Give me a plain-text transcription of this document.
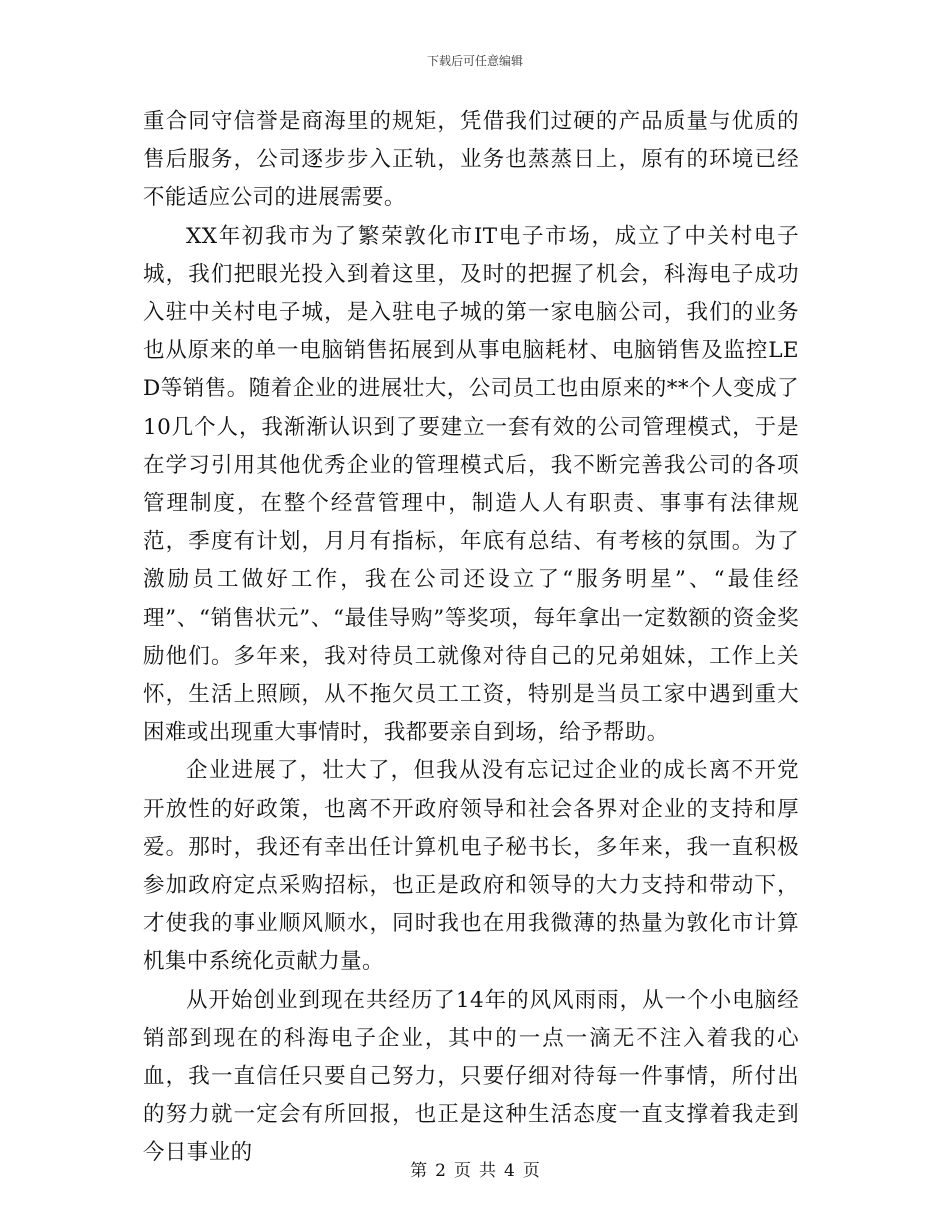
下载后可任意编辑

重合同守信誉是商海里的规矩，凭借我们过硬的产品质量与优质的售后服务，公司逐步步入正轨，业务也蒸蒸日上，原有的环境已经不能适应公司的进展需要。

XX年初我市为了繁荣敦化市IT电子市场，成立了中关村电子城，我们把眼光投入到着这里，及时的把握了机会，科海电子成功入驻中关村电子城，是入驻电子城的第一家电脑公司，我们的业务也从原来的单一电脑销售拓展到从事电脑耗材、电脑销售及监控LED等销售。随着企业的进展壮大，公司员工也由原来的**个人变成了10几个人，我渐渐认识到了要建立一套有效的公司管理模式，于是在学习引用其他优秀企业的管理模式后，我不断完善我公司的各项管理制度，在整个经营管理中，制造人人有职责、事事有法律规范，季度有计划，月月有指标，年底有总结、有考核的氛围。为了激励员工做好工作，我在公司还设立了“服务明星”、“最佳经理”、“销售状元”、“最佳导购”等奖项，每年拿出一定数额的资金奖励他们。多年来，我对待员工就像对待自己的兄弟姐妹，工作上关怀，生活上照顾，从不拖欠员工工资，特别是当员工家中遇到重大困难或出现重大事情时，我都要亲自到场，给予帮助。

企业进展了，壮大了，但我从没有忘记过企业的成长离不开党开放性的好政策，也离不开政府领导和社会各界对企业的支持和厚爱。那时，我还有幸出任计算机电子秘书长，多年来，我一直积极参加政府定点采购招标，也正是政府和领导的大力支持和带动下，才使我的事业顺风顺水，同时我也在用我微薄的热量为敦化市计算机集中系统化贡献力量。

从开始创业到现在共经历了14年的风风雨雨，从一个小电脑经销部到现在的科海电子企业，其中的一点一滴无不注入着我的心血，我一直信任只要自己努力，只要仔细对待每一件事情，所付出的努力就一定会有所回报，也正是这种生活态度一直支撑着我走到今日事业的

第 2 页 共 4 页
